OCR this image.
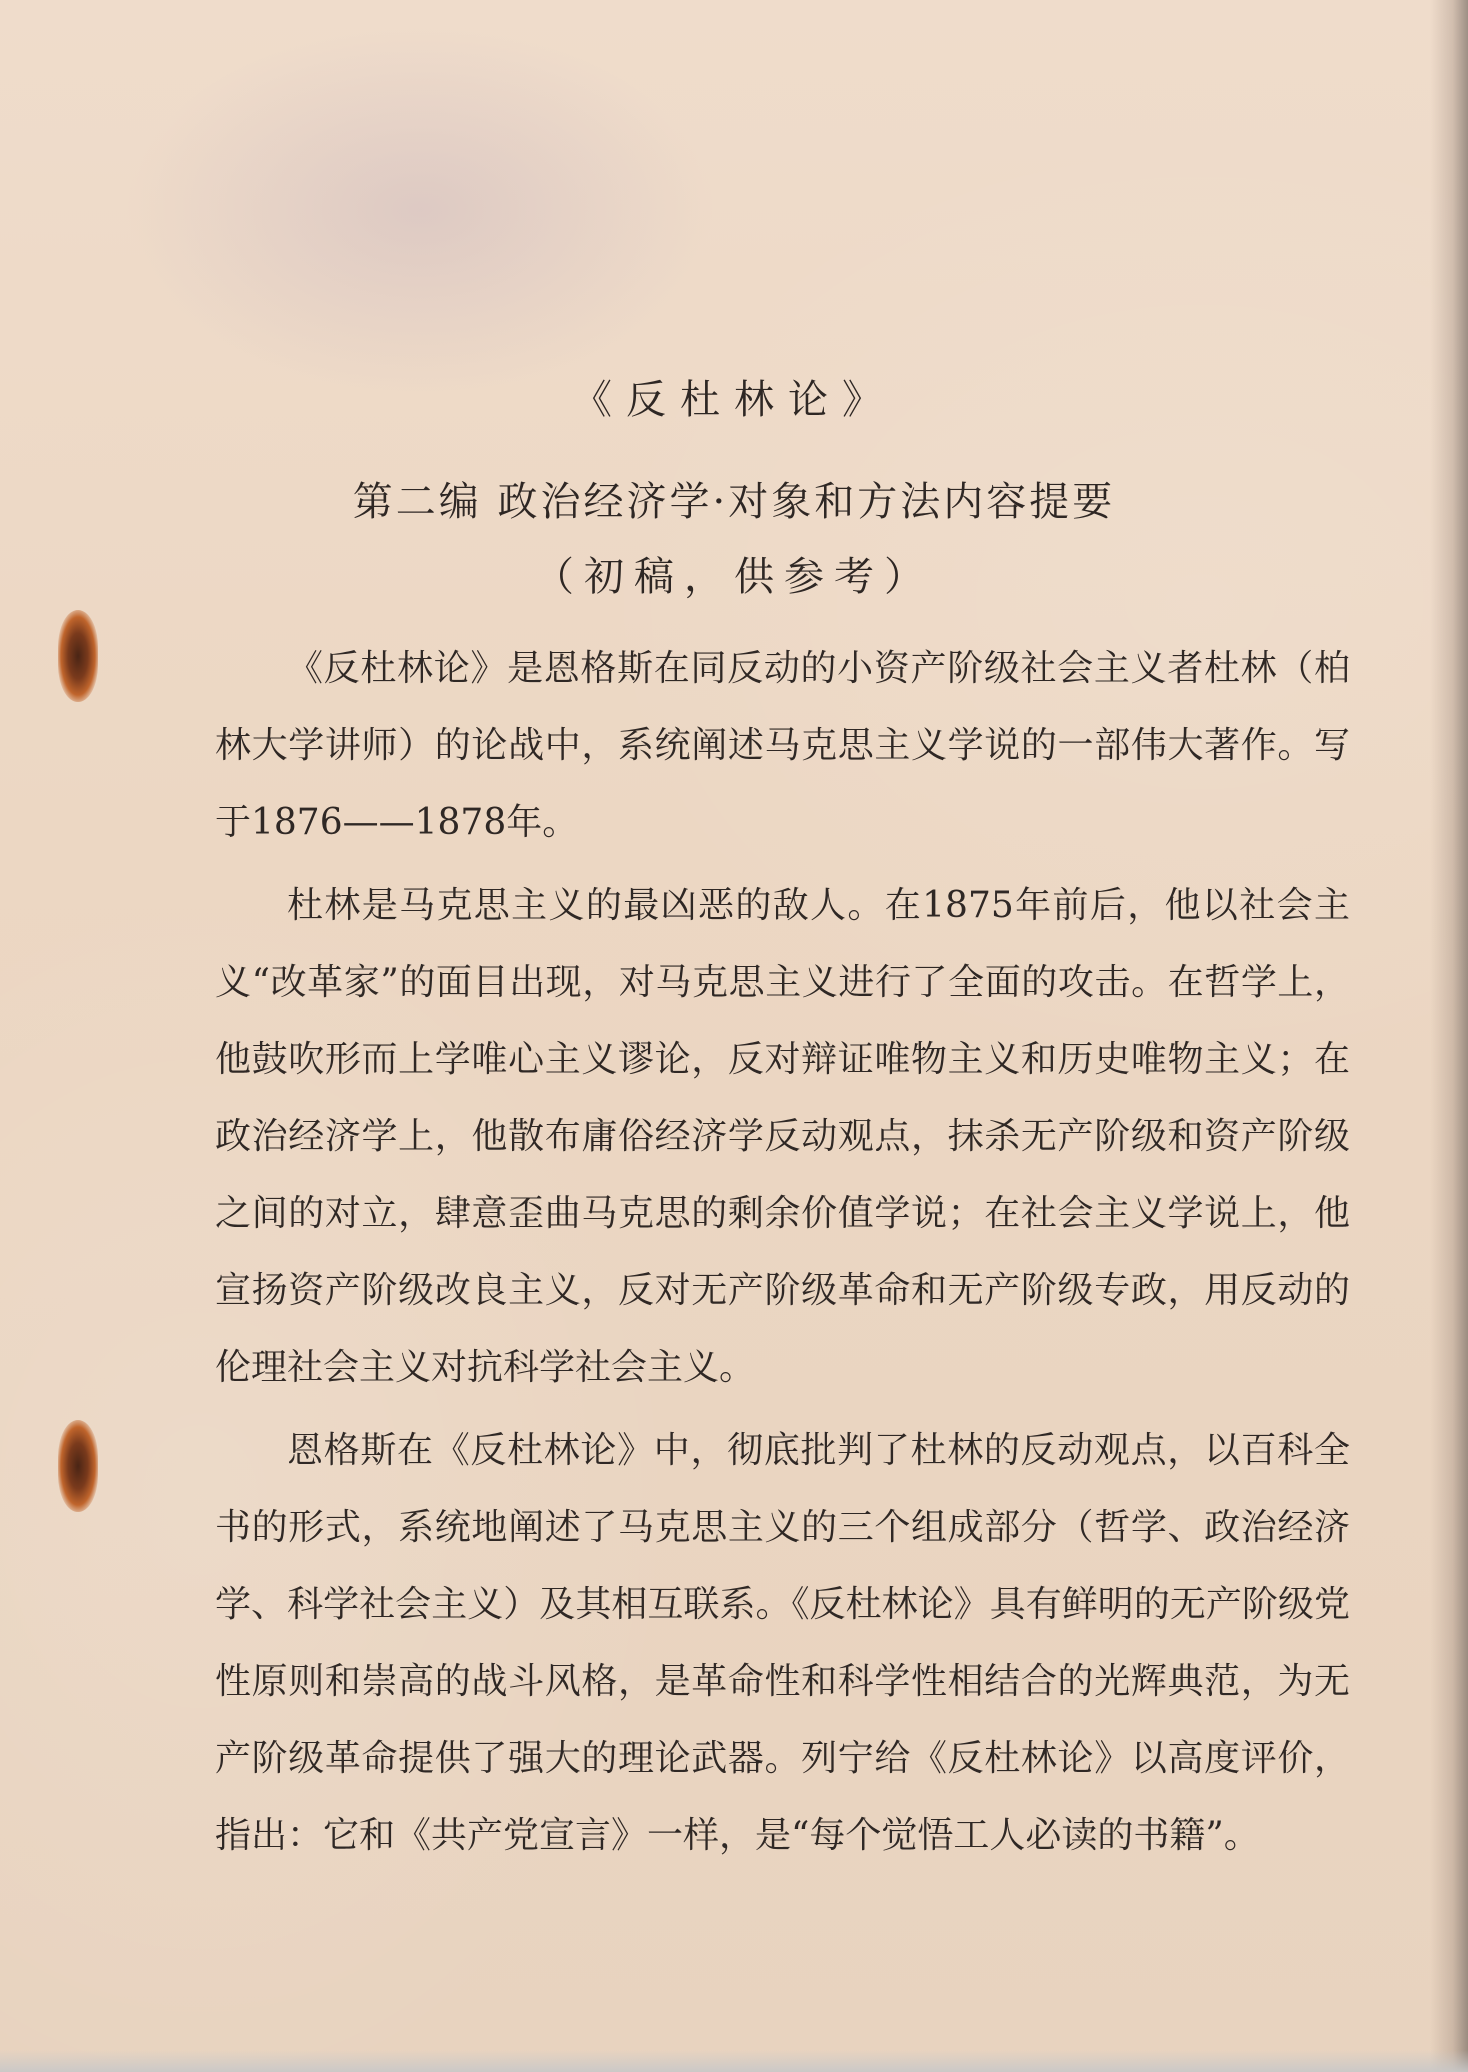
《反杜林论》
第二编 政治经济学·对象和方法内容提要
（初稿，供参考）

《反杜林论》是恩格斯在同反动的小资产阶级社会主义者杜林（柏林大学讲师）的论战中，系统阐述马克思主义学说的一部伟大著作。写于1876——1878年。

杜林是马克思主义的最凶恶的敌人。在1875年前后，他以社会主义“改革家”的面目出现，对马克思主义进行了全面的攻击。在哲学上，他鼓吹形而上学唯心主义谬论，反对辩证唯物主义和历史唯物主义；在政治经济学上，他散布庸俗经济学反动观点，抹杀无产阶级和资产阶级之间的对立，肆意歪曲马克思的剩余价值学说；在社会主义学说上，他宣扬资产阶级改良主义，反对无产阶级革命和无产阶级专政，用反动的伦理社会主义对抗科学社会主义。

恩格斯在《反杜林论》中，彻底批判了杜林的反动观点，以百科全书的形式，系统地阐述了马克思主义的三个组成部分（哲学、政治经济学、科学社会主义）及其相互联系。《反杜林论》具有鲜明的无产阶级党性原则和崇高的战斗风格，是革命性和科学性相结合的光辉典范，为无产阶级革命提供了强大的理论武器。列宁给《反杜林论》以高度评价，指出：它和《共产党宣言》一样，是“每个觉悟工人必读的书籍”。
